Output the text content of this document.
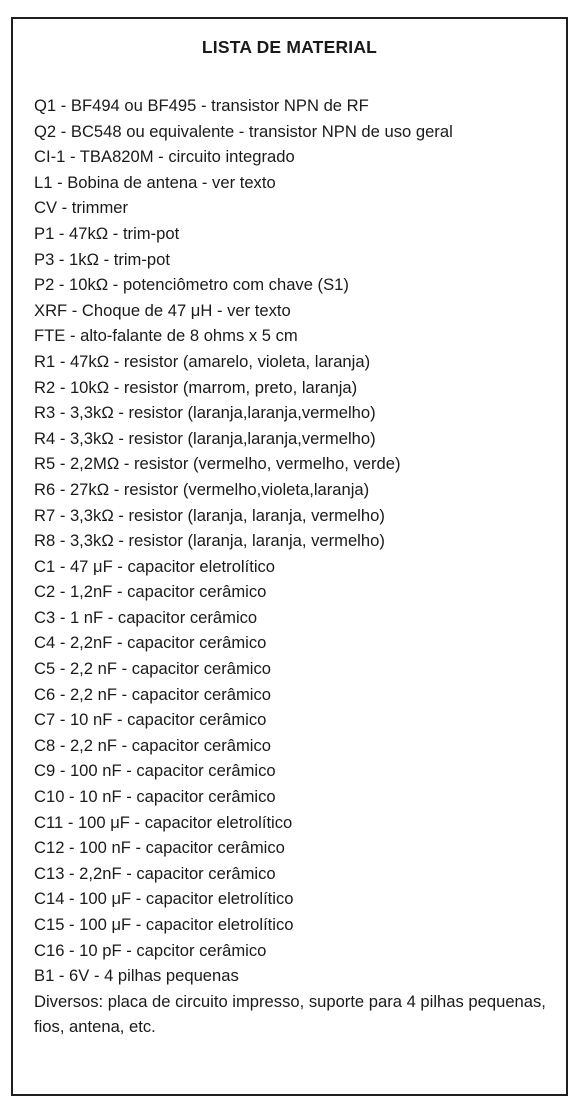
LISTA DE MATERIAL
Q1 - BF494 ou BF495 - transistor NPN de RF
Q2 - BC548 ou equivalente - transistor NPN de uso geral
CI-1 - TBA820M - circuito integrado
L1 - Bobina de antena - ver texto
CV - trimmer
P1 - 47kΩ - trim-pot
P3 - 1kΩ - trim-pot
P2 - 10kΩ - potenciômetro com chave (S1)
XRF - Choque de 47 μH - ver texto
FTE - alto-falante de 8 ohms x 5 cm
R1 - 47kΩ - resistor (amarelo, violeta, laranja)
R2 - 10kΩ - resistor (marrom, preto, laranja)
R3 - 3,3kΩ - resistor (laranja,laranja,vermelho)
R4 - 3,3kΩ - resistor (laranja,laranja,vermelho)
R5 - 2,2MΩ - resistor (vermelho, vermelho, verde)
R6 - 27kΩ - resistor (vermelho,violeta,laranja)
R7 - 3,3kΩ - resistor (laranja, laranja, vermelho)
R8 - 3,3kΩ - resistor (laranja, laranja, vermelho)
C1 - 47 μF - capacitor eletrolítico
C2 - 1,2nF - capacitor cerâmico
C3 - 1 nF - capacitor cerâmico
C4 - 2,2nF - capacitor cerâmico
C5 - 2,2 nF - capacitor cerâmico
C6 - 2,2 nF - capacitor cerâmico
C7 - 10 nF - capacitor cerâmico
C8 - 2,2 nF - capacitor cerâmico
C9 - 100 nF - capacitor cerâmico
C10 - 10 nF - capacitor cerâmico
C11 - 100 μF - capacitor eletrolítico
C12 - 100 nF - capacitor cerâmico
C13 - 2,2nF - capacitor cerâmico
C14 - 100 μF - capacitor eletrolítico
C15 - 100 μF - capacitor eletrolítico
C16 - 10 pF - capcitor cerâmico
B1 - 6V - 4 pilhas pequenas
Diversos: placa de circuito impresso, suporte para 4 pilhas pequenas, fios, antena, etc.
